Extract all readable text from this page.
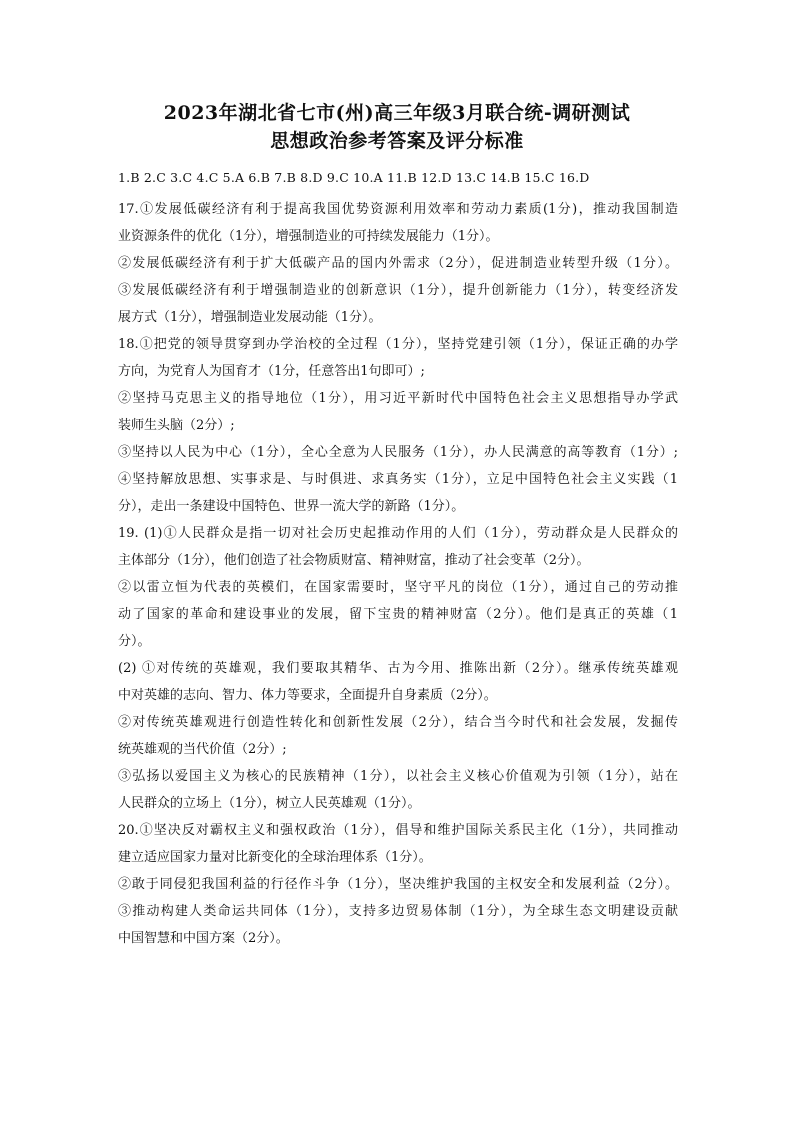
2023年湖北省七市(州)高三年级3月联合统-调研测试
思想政治参考答案及评分标准
1.B 2.C 3.C 4.C 5.A 6.B 7.B 8.D 9.C 10.A 11.B 12.D 13.C 14.B 15.C 16.D

17.①发展低碳经济有利于提高我国优势资源利用效率和劳动力素质(1分)，推动我国制造

业资源条件的优化（1分），增强制造业的可持续发展能力（1分）。

②发展低碳经济有利于扩大低碳产品的国内外需求（2分），促进制造业转型升级（1分）。

③发展低碳经济有利于增强制造业的创新意识（1分），提升创新能力（1分），转变经济发

展方式（1分），增强制造业发展动能（1分）。

18.①把党的领导贯穿到办学治校的全过程（1分），坚持党建引领（1分），保证正确的办学

方向，为党育人为国育才（1分，任意答出1句即可）;

②坚持马克思主义的指导地位（1分），用习近平新时代中国特色社会主义思想指导办学武

装师生头脑（2分）;

③坚持以人民为中心（1分），全心全意为人民服务（1分），办人民满意的高等教育（1分）;

④坚持解放思想、实事求是、与时俱进、求真务实（1分），立足中国特色社会主义实践（1

分），走出一条建设中国特色、世界一流大学的新路（1分）。

19. (1)①人民群众是指一切对社会历史起推动作用的人们（1分），劳动群众是人民群众的

主体部分（1分），他们创造了社会物质财富、精神财富，推动了社会变革（2分）。

②以雷立恒为代表的英模们，在国家需要时，坚守平凡的岗位（1分），通过自己的劳动推

动了国家的革命和建设事业的发展，留下宝贵的精神财富（2分）。他们是真正的英雄（1

分）。

(2) ①对传统的英雄观，我们要取其精华、古为今用、推陈出新（2分）。继承传统英雄观

中对英雄的志向、智力、体力等要求，全面提升自身素质（2分）。

②对传统英雄观进行创造性转化和创新性发展（2分），结合当今时代和社会发展，发掘传

统英雄观的当代价值（2分）;

③弘扬以爱国主义为核心的民族精神（1分），以社会主义核心价值观为引领（1分），站在

人民群众的立场上（1分），树立人民英雄观（1分）。

20.①坚决反对霸权主义和强权政治（1分），倡导和维护国际关系民主化（1分），共同推动

建立适应国家力量对比新变化的全球治理体系（1分）。

②敢于同侵犯我国利益的行径作斗争（1分），坚决维护我国的主权安全和发展利益（2分）。

③推动构建人类命运共同体（1分），支持多边贸易体制（1分），为全球生态文明建设贡献

中国智慧和中国方案（2分）。
